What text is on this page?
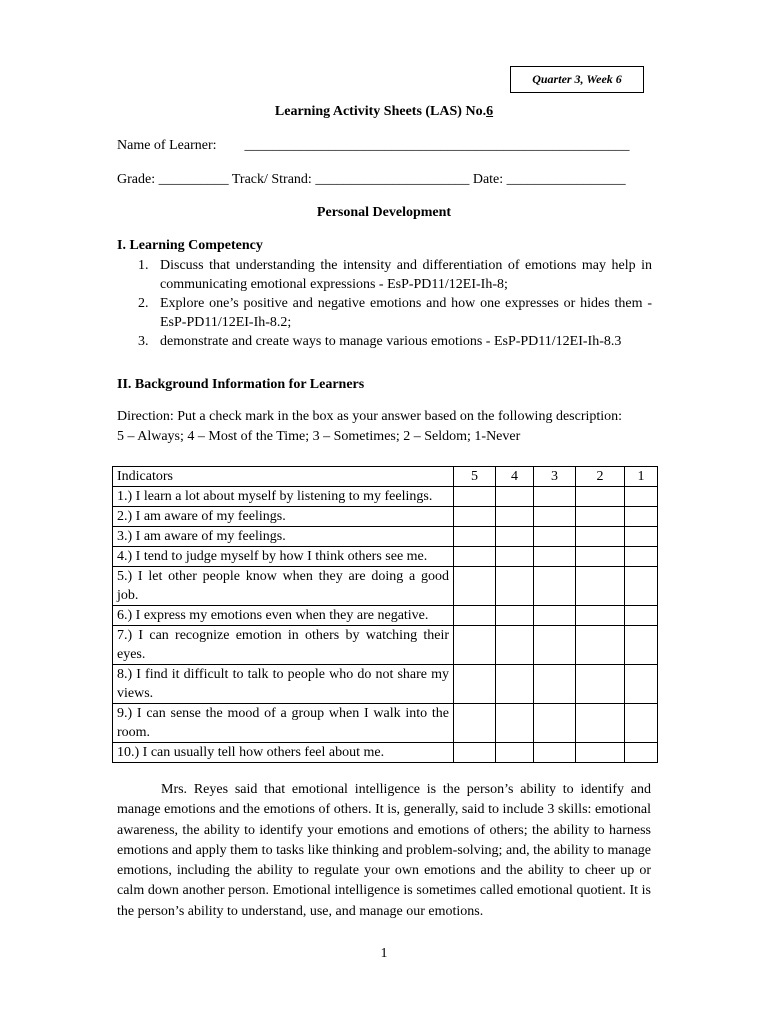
Quarter 3, Week 6
Learning Activity Sheets (LAS) No.6
Name of Learner: _______________________________________________________
Grade: __________ Track/ Strand: ______________________ Date: _________________
Personal Development
I. Learning Competency
1. Discuss that understanding the intensity and differentiation of emotions may help in communicating emotional expressions - EsP-PD11/12EI-Ih-8;
2. Explore one’s positive and negative emotions and how one expresses or hides them - EsP-PD11/12EI-Ih-8.2;
3. demonstrate and create ways to manage various emotions - EsP-PD11/12EI-Ih-8.3
II. Background Information for Learners
Direction: Put a check mark in the box as your answer based on the following description:
5 – Always; 4 – Most of the Time; 3 – Sometimes; 2 – Seldom; 1-Never
Indicators	5	4	3	2	1
1.) I learn a lot about myself by listening to my feelings.					
2.) I am aware of my feelings.					
3.) I am aware of my feelings.					
4.) I tend to judge myself by how I think others see me.					
5.) I let other people know when they are doing a good job.					
6.) I express my emotions even when they are negative.					
7.) I can recognize emotion in others by watching their eyes.					
8.) I find it difficult to talk to people who do not share my views.					
9.) I can sense the mood of a group when I walk into the room.					
10.) I can usually tell how others feel about me.					
Mrs. Reyes said that emotional intelligence is the person’s ability to identify and manage emotions and the emotions of others. It is, generally, said to include 3 skills: emotional awareness, the ability to identify your emotions and emotions of others; the ability to harness emotions and apply them to tasks like thinking and problem-solving; and, the ability to manage emotions, including the ability to regulate your own emotions and the ability to cheer up or calm down another person. Emotional intelligence is sometimes called emotional quotient. It is the person’s ability to understand, use, and manage our emotions.
1
